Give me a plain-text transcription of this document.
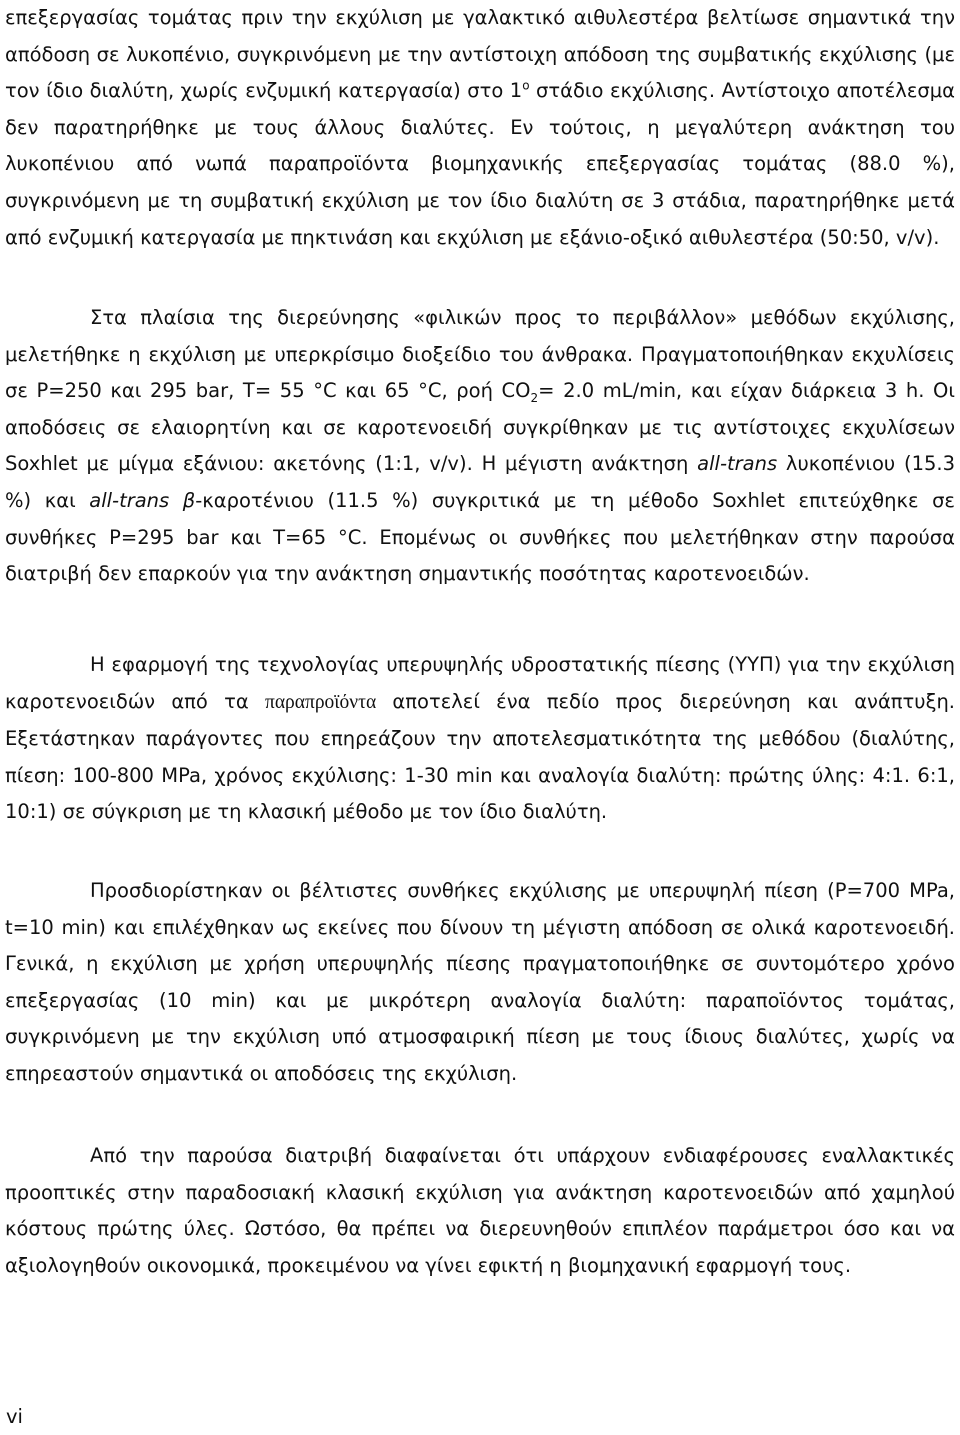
επεξεργασίας τομάτας πριν την εκχύλιση με γαλακτικό αιθυλεστέρα βελτίωσε σημαντικά την απόδοση σε λυκοπένιο, συγκρινόμενη με την αντίστοιχη απόδοση της συμβατικής εκχύλισης (με τον ίδιο διαλύτη, χωρίς ενζυμική κατεργασία) στο $1^o$ στάδιο εκχύλισης. Αντίστοιχο αποτέλεσμα δεν παρατηρήθηκε με τους άλλους διαλύτες. Εν τούτοις, η μεγαλύτερη ανάκτηση του λυκοπένιου από νωπά παραπροϊόντα βιομηχανικής επεξεργασίας τομάτας (88.0 %), συγκρινόμενη με τη συμβατική εκχύλιση με τον ίδιο διαλύτη σε 3 στάδια, παρατηρήθηκε μετά από ενζυμική κατεργασία με πηκτινάση και εκχύλιση με εξάνιο-οξικό αιθυλεστέρα (50:50, v/v).

Στα πλαίσια της διερεύνησης «φιλικών προς το περιβάλλον» μεθόδων εκχύλισης, μελετήθηκε η εκχύλιση με υπερκρίσιμο διοξείδιο του άνθρακα. Πραγματοποιήθηκαν εκχυλίσεις σε P=250 και 295 bar, T= 55 °C και 65 °C, ροή $CO_2= 2.0$ mL/min, και είχαν διάρκεια 3 h. Οι αποδόσεις σε ελαιορητίνη και σε καροτενοειδή συγκρίθηκαν με τις αντίστοιχες εκχυλίσεων Soxhlet με μίγμα εξάνιου: ακετόνης (1:1, v/v). Η μέγιστη ανάκτηση all-trans λυκοπένιου (15.3 %) και all-trans β-καροτένιου (11.5 %) συγκριτικά με τη μέθοδο Soxhlet επιτεύχθηκε σε συνθήκες P=295 bar και T=65 °C. Επομένως οι συνθήκες που μελετήθηκαν στην παρούσα διατριβή δεν επαρκούν για την ανάκτηση σημαντικής ποσότητας καροτενοειδών.

Η εφαρμογή της τεχνολογίας υπερυψηλής υδροστατικής πίεσης (ΥΥΠ) για την εκχύλιση καροτενοειδών από τα παραπροϊόντα αποτελεί ένα πεδίο προς διερεύνηση και ανάπτυξη. Εξετάστηκαν παράγοντες που επηρεάζουν την αποτελεσματικότητα της μεθόδου (διαλύτης, πίεση: 100-800 MPa, χρόνος εκχύλισης: 1-30 min και αναλογία διαλύτη: πρώτης ύλης: 4:1. 6:1, 10:1) σε σύγκριση με τη κλασική μέθοδο με τον ίδιο διαλύτη.

Προσδιορίστηκαν οι βέλτιστες συνθήκες εκχύλισης με υπερυψηλή πίεση (P=700 MPa, t=10 min) και επιλέχθηκαν ως εκείνες που δίνουν τη μέγιστη απόδοση σε ολικά καροτενοειδή. Γενικά, η εκχύλιση με χρήση υπερυψηλής πίεσης πραγματοποιήθηκε σε συντομότερο χρόνο επεξεργασίας (10 min) και με μικρότερη αναλογία διαλύτη: παραποϊόντος τομάτας, συγκρινόμενη με την εκχύλιση υπό ατμοσφαιρική πίεση με τους ίδιους διαλύτες, χωρίς να επηρεαστούν σημαντικά οι αποδόσεις της εκχύλιση.

Από την παρούσα διατριβή διαφαίνεται ότι υπάρχουν ενδιαφέρουσες εναλλακτικές προοπτικές στην παραδοσιακή κλασική εκχύλιση για ανάκτηση καροτενοειδών από χαμηλού κόστους πρώτης ύλες. Ωστόσο, θα πρέπει να διερευνηθούν επιπλέον παράμετροι όσο και να αξιολογηθούν οικονομικά, προκειμένου να γίνει εφικτή η βιομηχανική εφαρμογή τους.

vi
